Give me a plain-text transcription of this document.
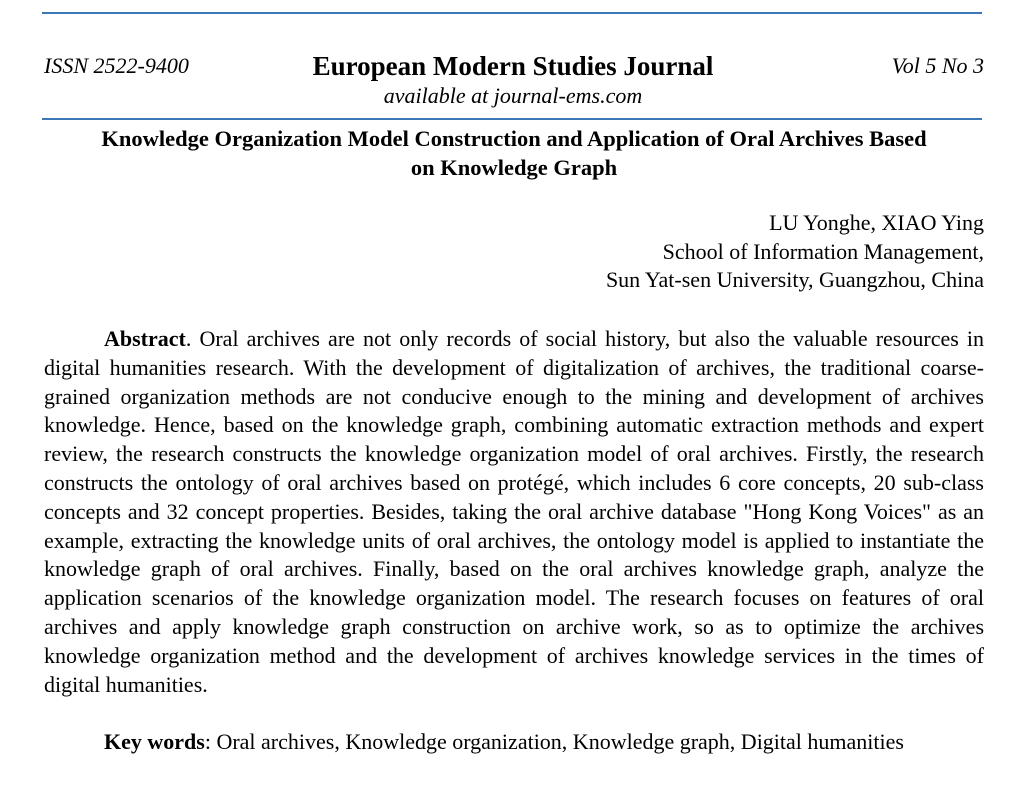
ISSN 2522-9400	European Modern Studies Journal	Vol 5 No 3
available at journal-ems.com
Knowledge Organization Model Construction and Application of Oral Archives Based
on Knowledge Graph
LU Yonghe, XIAO Ying
School of Information Management,
Sun Yat-sen University, Guangzhou, China

Abstract. Oral archives are not only records of social history, but also the valuable resources in digital humanities research. With the development of digitalization of archives, the traditional coarse-grained organization methods are not conducive enough to the mining and development of archives knowledge. Hence, based on the knowledge graph, combining automatic extraction methods and expert review, the research constructs the knowledge organization model of oral archives. Firstly, the research constructs the ontology of oral archives based on protégé, which includes 6 core concepts, 20 sub-class concepts and 32 concept properties. Besides, taking the oral archive database "Hong Kong Voices" as an example, extracting the knowledge units of oral archives, the ontology model is applied to instantiate the knowledge graph of oral archives. Finally, based on the oral archives knowledge graph, analyze the application scenarios of the knowledge organization model. The research focuses on features of oral archives and apply knowledge graph construction on archive work, so as to optimize the archives knowledge organization method and the development of archives knowledge services in the times of digital humanities.

Key words: Oral archives, Knowledge organization, Knowledge graph, Digital humanities
